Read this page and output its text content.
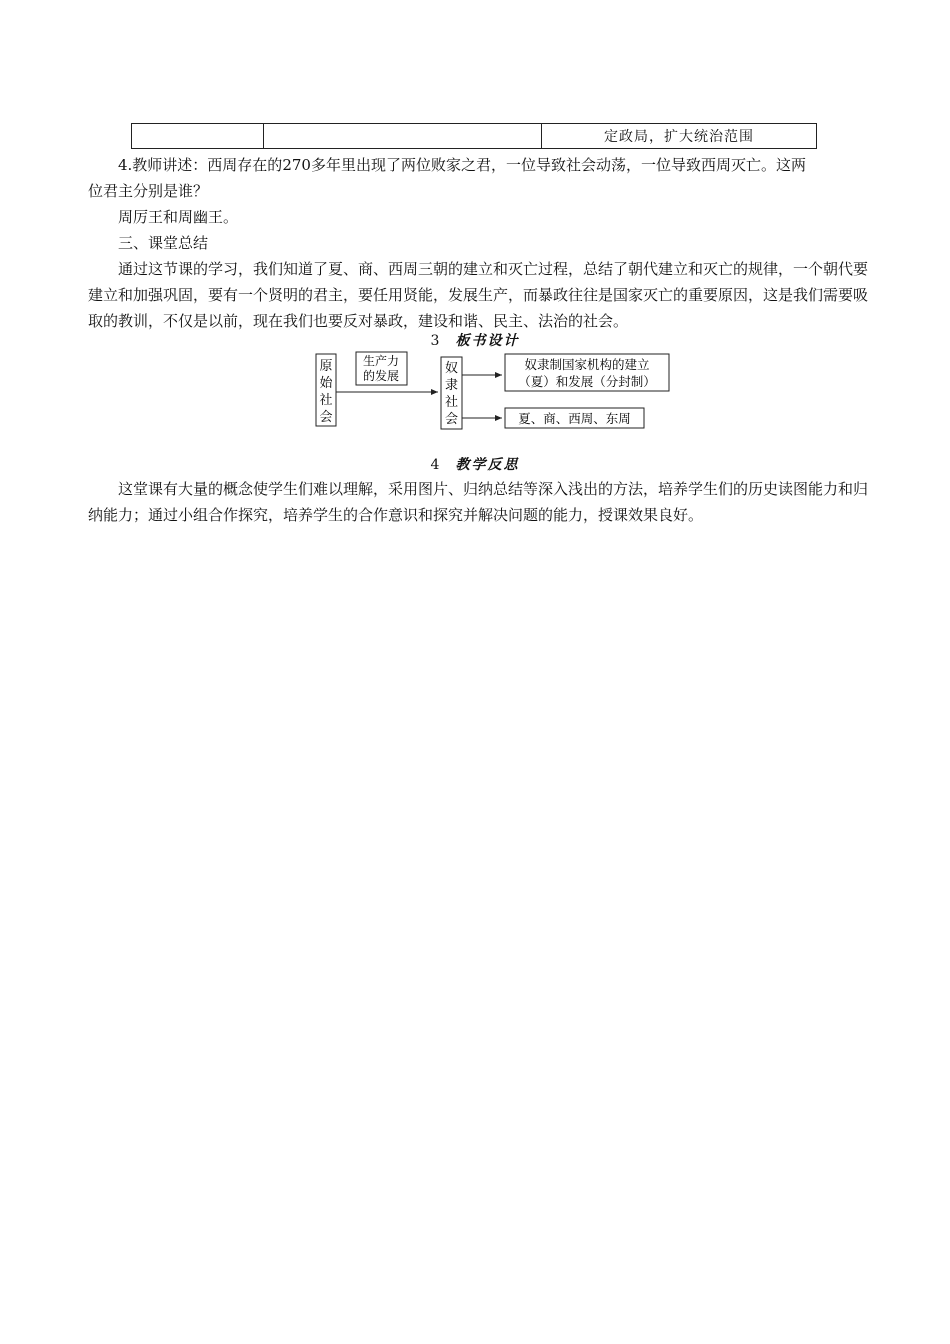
定政局，扩大统治范围

4.教师讲述：西周存在的270多年里出现了两位败家之君，一位导致社会动荡，一位导致西周灭亡。这两

位君主分别是谁？

周厉王和周幽王。

三、课堂总结

通过这节课的学习，我们知道了夏、商、西周三朝的建立和灭亡过程，总结了朝代建立和灭亡的规律，一个朝代要建立和加强巩固，要有一个贤明的君主，要任用贤能，发展生产，而暴政往往是国家灭亡的重要原因，这是我们需要吸取的教训，不仅是以前，现在我们也要反对暴政，建设和谐、民主、法治的社会。

3 板书设计
原
始
社
会
生产力
的发展	奴
隶
社
会
奴隶制国家机构的建立
（夏）和发展（分封制）
夏、商、西周、东周
4 教学反思

这堂课有大量的概念使学生们难以理解，采用图片、归纳总结等深入浅出的方法，培养学生们的历史读图能力和归纳能力；通过小组合作探究，培养学生的合作意识和探究并解决问题的能力，授课效果良好。
